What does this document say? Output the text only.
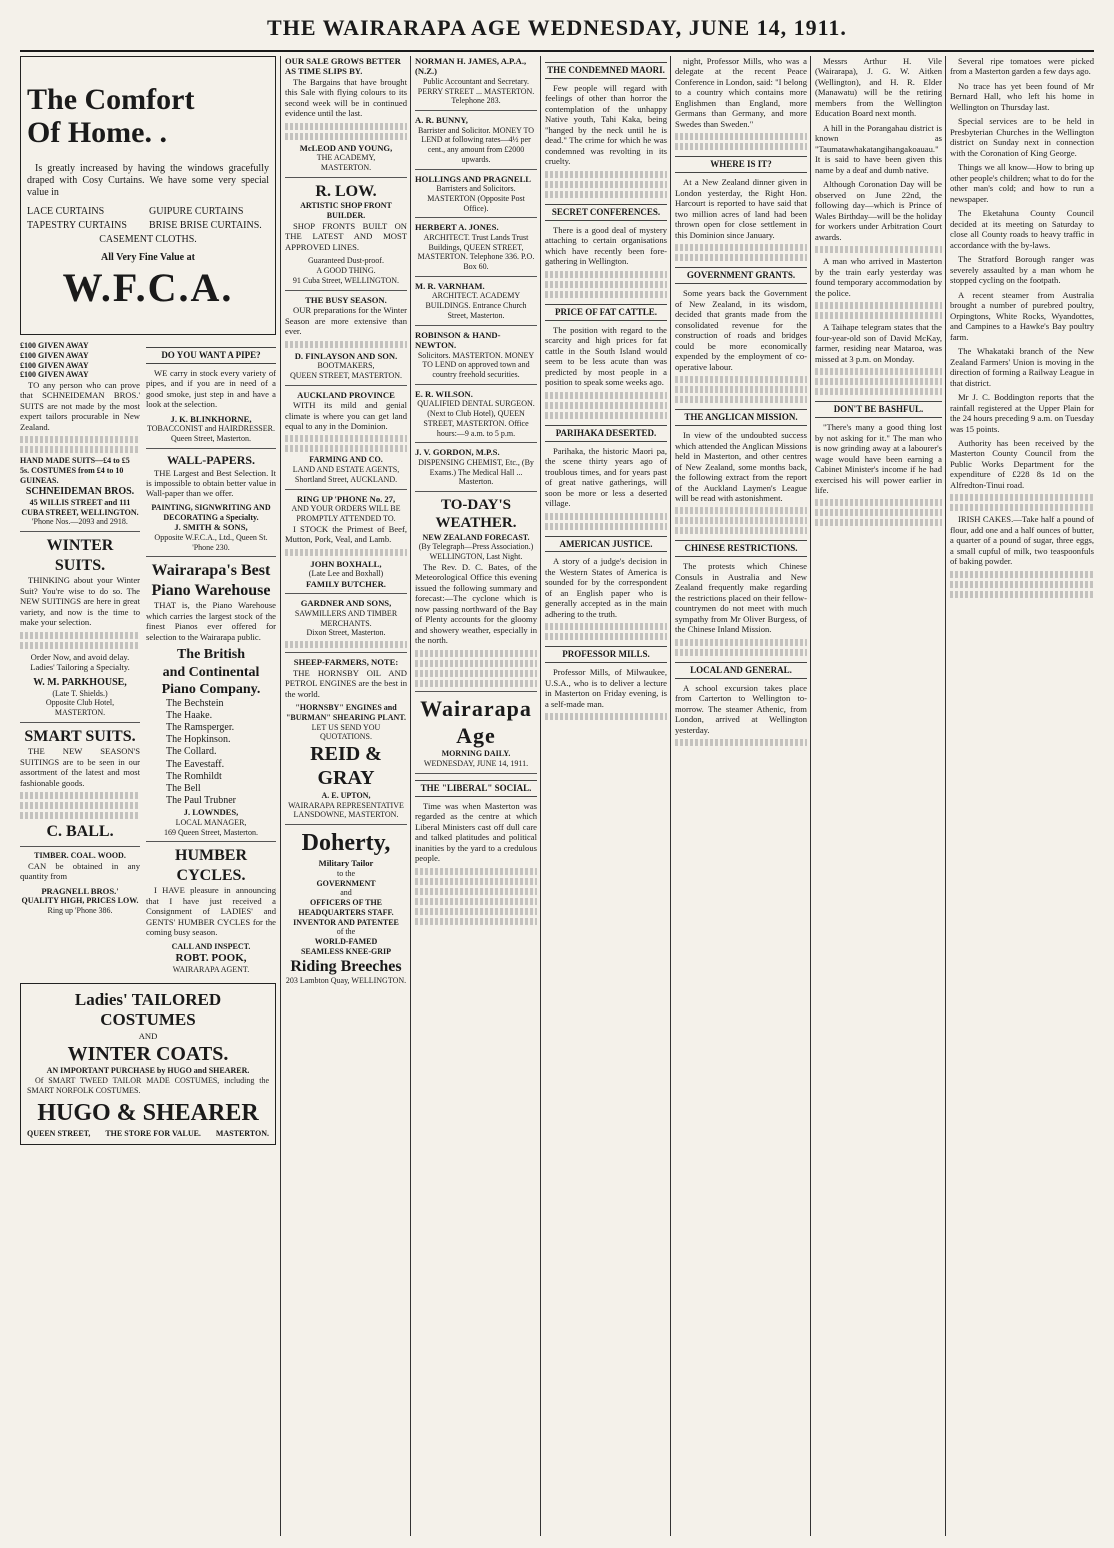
THE WAIRARAPA AGE WEDNESDAY, JUNE 14, 1911.
The Comfort
Of Home. .

Is greatly increased by having the windows gracefully draped with Cosy Curtains. We have some very special value in

LACE CURTAINS	GUIPURE CURTAINS
TAPESTRY CURTAINS	BRISE BRISE CURTAINS.
CASEMENT CLOTHS.
All Very Fine Value at
W.F.C.A.
£100 GIVEN AWAY
£100 GIVEN AWAY
£100 GIVEN AWAY
£100 GIVEN AWAY

TO any person who can prove that SCHNEIDEMAN BROS.' SUITS are not made by the most expert tailors procurable in New Zealand.

HAND MADE SUITS—£4 to £5 5s. COSTUMES from £4 to 10 GUINEAS.
SCHNEIDEMAN BROS.
45 WILLIS STREET and 111 CUBA STREET, WELLINGTON.
'Phone Nos.—2093 and 2918.
WINTER SUITS.

THINKING about your Winter Suit? You're wise to do so. The NEW SUITINGS are here in great variety, and now is the time to make your selection.

Order Now, and avoid delay.
Ladies' Tailoring a Specialty.
W. M. PARKHOUSE,
(Late T. Shields.)
Opposite Club Hotel, MASTERTON.
SMART SUITS.

THE NEW SEASON'S SUITINGS are to be seen in our assortment of the latest and most fashionable goods.

C. BALL.
TIMBER. COAL. WOOD.

CAN be obtained in any quantity from

PRAGNELL BROS.'
QUALITY HIGH, PRICES LOW.
Ring up 'Phone 386.
DO YOU WANT A PIPE?

WE carry in stock every variety of pipes, and if you are in need of a good smoke, just step in and have a look at the selection.

J. K. BLINKHORNE,
TOBACCONIST and HAIRDRESSER.
Queen Street, Masterton.
WALL-PAPERS.

THE Largest and Best Selection. It is impossible to obtain better value in Wall-paper than we offer.

PAINTING, SIGNWRITING AND DECORATING a Specialty.
J. SMITH & SONS,
Opposite W.F.C.A., Ltd., Queen St. 'Phone 230.
Wairarapa's Best Piano Warehouse

THAT is, the Piano Warehouse which carries the largest stock of the finest Pianos ever offered for selection to the Wairarapa public.

The British
and Continental
Piano Company.
The Bechstein
The Haake.
The Ramsperger.
The Hopkinson.
The Collard.
The Eavestaff.
The Romhildt
The Bell
The Paul Trubner
J. LOWNDES,
LOCAL MANAGER,
169 Queen Street, Masterton.
HUMBER CYCLES.

I HAVE pleasure in announcing that I have just received a Consignment of LADIES' and GENTS' HUMBER CYCLES for the coming busy season.

CALL AND INSPECT.
ROBT. POOK,
WAIRARAPA AGENT.
Ladies' TAILORED COSTUMES
AND
WINTER COATS.
AN IMPORTANT PURCHASE by HUGO and SHEARER.

Of SMART TWEED TAILOR MADE COSTUMES, including the SMART NORFOLK COSTUMES.

HUGO & SHEARER
QUEEN STREET, THE STORE FOR VALUE. MASTERTON.
OUR SALE GROWS BETTER AS TIME SLIPS BY.

The Bargains that have brought this Sale with flying colours to its second week will be in continued evidence until the last.

McLEOD AND YOUNG,
THE ACADEMY,
MASTERTON.
R. LOW.
ARTISTIC SHOP FRONT BUILDER.

SHOP FRONTS BUILT ON THE LATEST AND MOST APPROVED LINES.

Guaranteed Dust-proof.
A GOOD THING.
91 Cuba Street, WELLINGTON.
THE BUSY SEASON.

OUR preparations for the Winter Season are more extensive than ever.

D. FINLAYSON AND SON.
BOOTMAKERS,
QUEEN STREET, MASTERTON.
AUCKLAND PROVINCE

WITH its mild and genial climate is where you can get land equal to any in the Dominion.

FARMING AND CO.
LAND AND ESTATE AGENTS,
Shortland Street, AUCKLAND.
RING UP 'PHONE No. 27,
AND YOUR ORDERS WILL BE PROMPTLY ATTENDED TO.

I STOCK the Primest of Beef, Mutton, Pork, Veal, and Lamb.

JOHN BOXHALL,
(Late Lee and Boxhall)
FAMILY BUTCHER.
GARDNER AND SONS,
SAWMILLERS AND TIMBER MERCHANTS.
Dixon Street, Masterton.
SHEEP-FARMERS, NOTE:

THE HORNSBY OIL AND PETROL ENGINES are the best in the world.

"HORNSBY" ENGINES and "BURMAN" SHEARING PLANT.
LET US SEND YOU QUOTATIONS.
REID & GRAY
A. E. UPTON,
WAIRARAPA REPRESENTATIVE
LANSDOWNE, MASTERTON.
Doherty,
Military Tailor
to the
GOVERNMENT
and
OFFICERS OF THE HEADQUARTERS STAFF.
INVENTOR AND PATENTEE
of the
WORLD-FAMED
SEAMLESS KNEE-GRIP
Riding Breeches
203 Lambton Quay, WELLINGTON.
NORMAN H. JAMES, A.P.A., (N.Z.)
Public Accountant and Secretary. PERRY STREET ... MASTERTON. Telephone 283.
A. R. BUNNY,
Barrister and Solicitor. MONEY TO LEND at following rates—4½ per cent., any amount from £2000 upwards.
HOLLINGS AND PRAGNELL
Barristers and Solicitors. MASTERTON (Opposite Post Office).
HERBERT A. JONES.
ARCHITECT. Trust Lands Trust Buildings, QUEEN STREET, MASTERTON. Telephone 336. P.O. Box 60.
M. R. VARNHAM.
ARCHITECT. ACADEMY BUILDINGS. Entrance Church Street, Masterton.
ROBINSON & HAND-NEWTON.
Solicitors. MASTERTON. MONEY TO LEND on approved town and country freehold securities.
E. R. WILSON.
QUALIFIED DENTAL SURGEON. (Next to Club Hotel), QUEEN STREET, MASTERTON. Office hours:—9 a.m. to 5 p.m.
J. V. GORDON, M.P.S.
DISPENSING CHEMIST, Etc., (By Exams.) The Medical Hall ... Masterton.
TO-DAY'S WEATHER.
NEW ZEALAND FORECAST.
(By Telegraph—Press Association.)
WELLINGTON, Last Night.

The Rev. D. C. Bates, of the Meteorological Office this evening issued the following summary and forecast:—The cyclone which is now passing northward of the Bay of Plenty accounts for the gloomy and showery weather, especially in the north.

Wairarapa Age
MORNING DAILY.
WEDNESDAY, JUNE 14, 1911.
THE "LIBERAL" SOCIAL.

Time was when Masterton was regarded as the centre at which Liberal Ministers cast off dull care and talked platitudes and political inanities by the yard to a credulous people.

THE CONDEMNED MAORI.

Few people will regard with feelings of other than horror the contemplation of the unhappy Native youth, Tahi Kaka, being "hanged by the neck until he is dead." The crime for which he was condemned was revolting in its cruelty.

SECRET CONFERENCES.

There is a good deal of mystery attaching to certain organisations which have recently been fore-gathering in Wellington.

PRICE OF FAT CATTLE.

The position with regard to the scarcity and high prices for fat cattle in the South Island would seem to be less acute than was predicted by most people in a position to speak some weeks ago.

PARIHAKA DESERTED.

Parihaka, the historic Maori pa, the scene thirty years ago of troublous times, and for years past of great native gatherings, will soon be more or less a deserted village.

AMERICAN JUSTICE.

A story of a judge's decision in the Western States of America is sounded for by the correspondent of an English paper who is generally accepted as in the main adhering to the truth.

PROFESSOR MILLS.

Professor Mills, of Milwaukee, U.S.A., who is to deliver a lecture in Masterton on Friday evening, is a self-made man.

night, Professor Mills, who was a delegate at the recent Peace Conference in London, said: "I belong to a country which contains more Englishmen than England, more Germans than Germany, and more Swedes than Sweden."

WHERE IS IT?

At a New Zealand dinner given in London yesterday, the Right Hon. Harcourt is reported to have said that two million acres of land had been thrown open for close settlement in this Dominion since January.

GOVERNMENT GRANTS.

Some years back the Government of New Zealand, in its wisdom, decided that grants made from the consolidated revenue for the construction of roads and bridges could be more economically expended by the employment of co-operative labour.

THE ANGLICAN MISSION.

In view of the undoubted success which attended the Anglican Missions held in Masterton, and other centres of New Zealand, some months back, the following extract from the report of the Auckland Laymen's League will be read with astonishment.

CHINESE RESTRICTIONS.

The protests which Chinese Consuls in Australia and New Zealand frequently make regarding the restrictions placed on their fellow-countrymen do not meet with much sympathy from Mr Oliver Burgess, of the Chinese Inland Mission.

LOCAL AND GENERAL.

A school excursion takes place from Carterton to Wellington to-morrow. The steamer Athenic, from London, arrived at Wellington yesterday.

Messrs Arthur H. Vile (Wairarapa), J. G. W. Aitken (Wellington), and H. R. Elder (Manawatu) will be the retiring members from the Wellington Education Board next month.

A hill in the Porangahau district is known as "Taumatawhakatangihangakoauau." It is said to have been given this name by a deaf and dumb native.

Although Coronation Day will be observed on June 22nd, the following day—which is Prince of Wales Birthday—will be the holiday for workers under Arbitration Court awards.

A man who arrived in Masterton by the train early yesterday was found temporary accommodation by the police.

A Taihape telegram states that the four-year-old son of David McKay, farmer, residing near Mataroa, was missed at 3 p.m. on Monday.

DON'T BE BASHFUL.

"There's many a good thing lost by not asking for it." The man who is now grinding away at a labourer's wage would have been earning a Cabinet Minister's income if he had exercised his will power earlier in life.

Several ripe tomatoes were picked from a Masterton garden a few days ago.

No trace has yet been found of Mr Bernard Hall, who left his home in Wellington on Thursday last.

Special services are to be held in Presbyterian Churches in the Wellington district on Sunday next in connection with the Coronation of King George.

Things we all know—How to bring up other people's children; what to do for the other man's cold; and how to run a newspaper.

The Eketahuna County Council decided at its meeting on Saturday to close all County roads to heavy traffic in accordance with the by-laws.

The Stratford Borough ranger was severely assaulted by a man whom he stopped cycling on the footpath.

A recent steamer from Australia brought a number of purebred poultry, Orpingtons, White Rocks, Wyandottes, and Campines to a Hawke's Bay poultry farm.

The Whakataki branch of the New Zealand Farmers' Union is moving in the direction of forming a Railway League in that district.

Mr J. C. Boddington reports that the rainfall registered at the Upper Plain for the 24 hours preceding 9 a.m. on Tuesday was 15 points.

Authority has been received by the Masterton County Council from the Public Works Department for the expenditure of £228 8s 1d on the Alfredton-Tinui road.

IRISH CAKES.—Take half a pound of flour, add one and a half ounces of butter, a quarter of a pound of sugar, three eggs, a small cupful of milk, two teaspoonfuls of baking powder.
